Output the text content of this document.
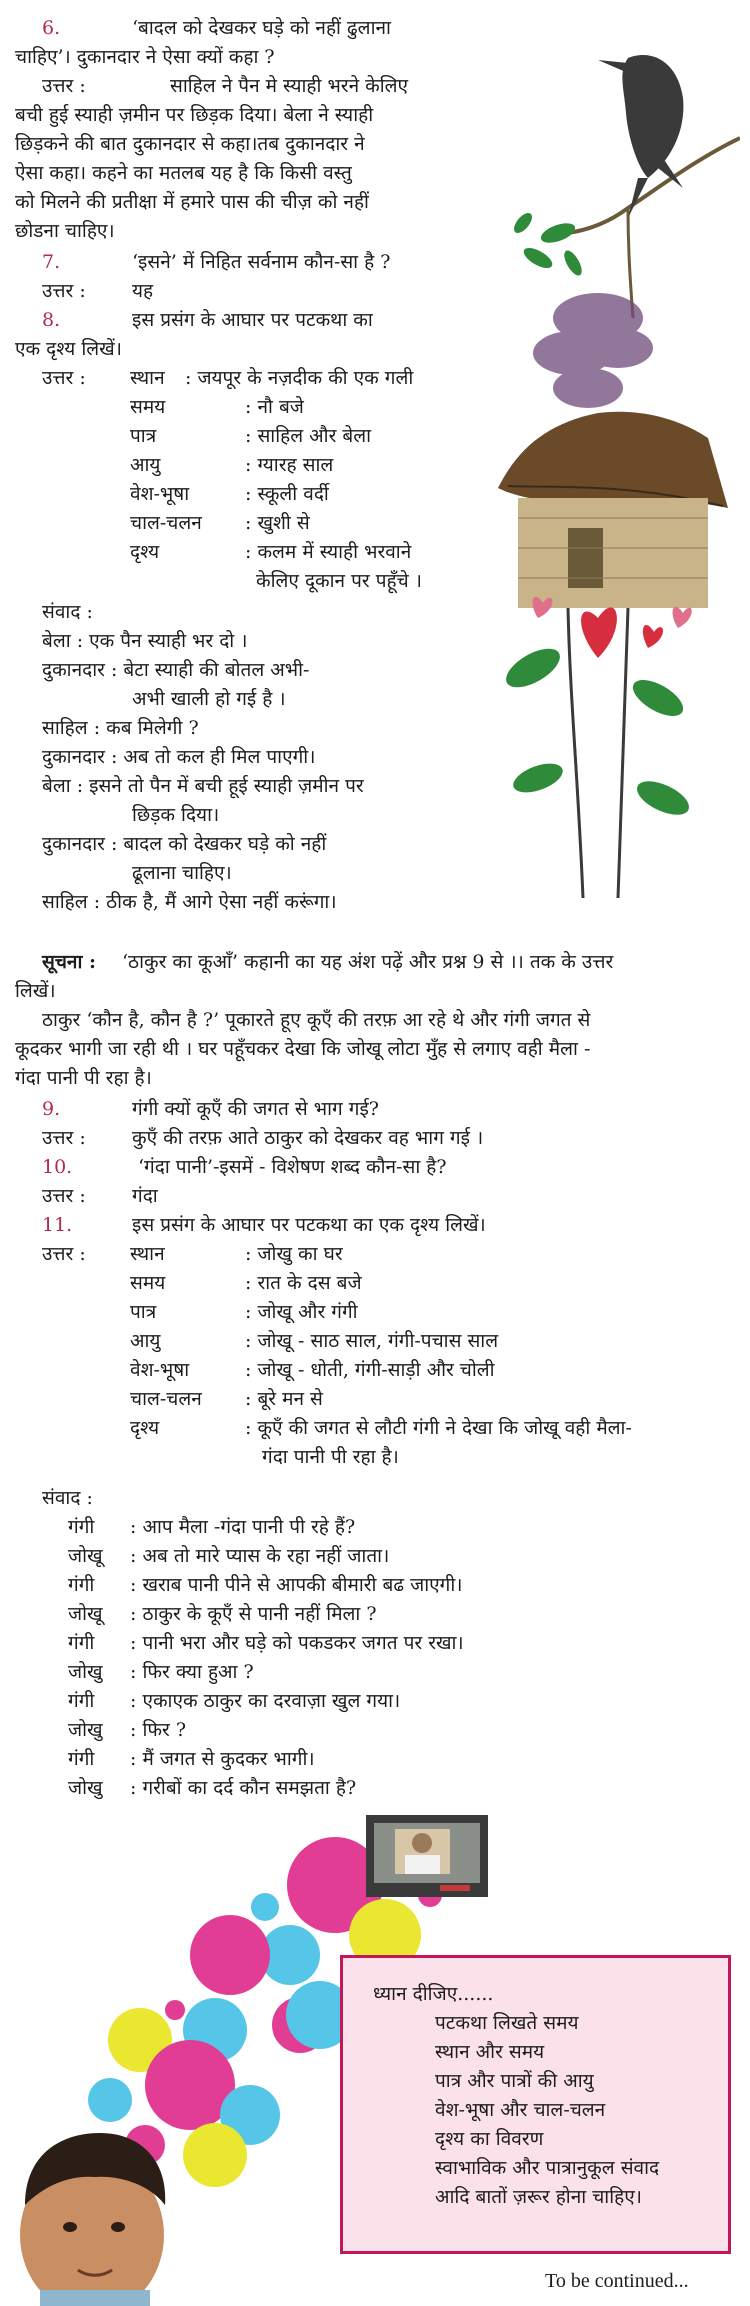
6.	‘बादल को देखकर घड़े को नहीं ढुलाना
चाहिए’। दुकानदार ने ऐसा क्यों कहा ?
उत्तर :	साहिल ने पैन मे स्याही भरने केलिए
बची हुई स्याही ज़मीन पर छिड़क दिया। बेला ने स्याही
छिड़कने की बात दुकानदार से कहा।तब दुकानदार ने
ऐसा कहा। कहने का मतलब यह है कि किसी वस्तु
को मिलने की प्रतीक्षा में हमारे पास की चीज़ को नहीं
छोडना चाहिए।
7.	‘इसने’ में निहित सर्वनाम कौन-सा है ?
उत्तर : यह
8.	इस प्रसंग के आघार पर पटकथा का
एक दृश्य लिखें।
उत्तर : स्थान : जयपूर के नज़दीक की एक गली
समय	: नौ बजे
पात्र	: साहिल और बेला
आयु	: ग्यारह साल
वेश-भूषा	: स्कूली वर्दी
चाल-चलन : खुशी से
दृश्य	: कलम में स्याही भरवाने
केलिए दूकान पर पहूँचे ।
संवाद :
बेला : एक पैन स्याही भर दो ।
दुकानदार : बेटा स्याही की बोतल अभी-
अभी खाली हो गई है ।
साहिल : कब मिलेगी ?
दुकानदार : अब तो कल ही मिल पाएगी।
बेला : इसने तो पैन में बची हूई स्याही ज़मीन पर
छिड़क दिया।
दुकानदार : बादल को देखकर घड़े को नहीं
ढूलाना चाहिए।
साहिल : ठीक है, मैं आगे ऐसा नहीं करूंगा।
सूचना : ‘ठाकुर का कूआँ’ कहानी का यह अंश पढ़ें और प्रश्न 9 से ।। तक के उत्तर
लिखें।
ठाकुर ‘कौन है, कौन है ?’ पूकारते हूए कूएँ की तरफ़ आ रहे थे और गंगी जगत से
कूदकर भागी जा रही थी । घर पहूँचकर देखा कि जोखू लोटा मुँह से लगाए वही मैला -
गंदा पानी पी रहा है।
9.	गंगी क्यों कूएँ की जगत से भाग गई?
उत्तर : कुएँ की तरफ़ आते ठाकुर को देखकर वह भाग गई ।
10.	‘गंदा पानी’-इसमें - विशेषण शब्द कौन-सा है?
उत्तर : गंदा
11.	इस प्रसंग के आघार पर पटकथा का एक दृश्य लिखें।
उत्तर : स्थान	: जोखु का घर
समय	: रात के दस बजे
पात्र	: जोखू और गंगी
आयु	: जोखू - साठ साल, गंगी-पचास साल
वेश-भूषा	: जोखू - धोती, गंगी-साड़ी और चोली
चाल-चलन : बूरे मन से
दृश्य	: कूएँ की जगत से लौटी गंगी ने देखा कि जोखू वही मैला-
गंदा पानी पी रहा है।
संवाद :
गंगी : आप मैला -गंदा पानी पी रहे हैं?
जोखू : अब तो मारे प्यास के रहा नहीं जाता।
गंगी : खराब पानी पीने से आपकी बीमारी बढ जाएगी।
जोखू : ठाकुर के कूएँ से पानी नहीं मिला ?
गंगी : पानी भरा और घड़े को पकडकर जगत पर रखा।
जोखु : फिर क्या हुआ ?
गंगी : एकाएक ठाकुर का दरवाज़ा खुल गया।
जोखु : फिर ?
गंगी : मैं जगत से कुदकर भागी।
जोखु : गरीबों का दर्द कौन समझता है?
ध्यान दीजिए......
पटकथा लिखते समय
स्थान और समय
पात्र और पात्रों की आयु
वेश-भूषा और चाल-चलन
दृश्य का विवरण
स्वाभाविक और पात्रानुकूल संवाद
आदि बातों ज़रूर होना चाहिए।
To be continued...
